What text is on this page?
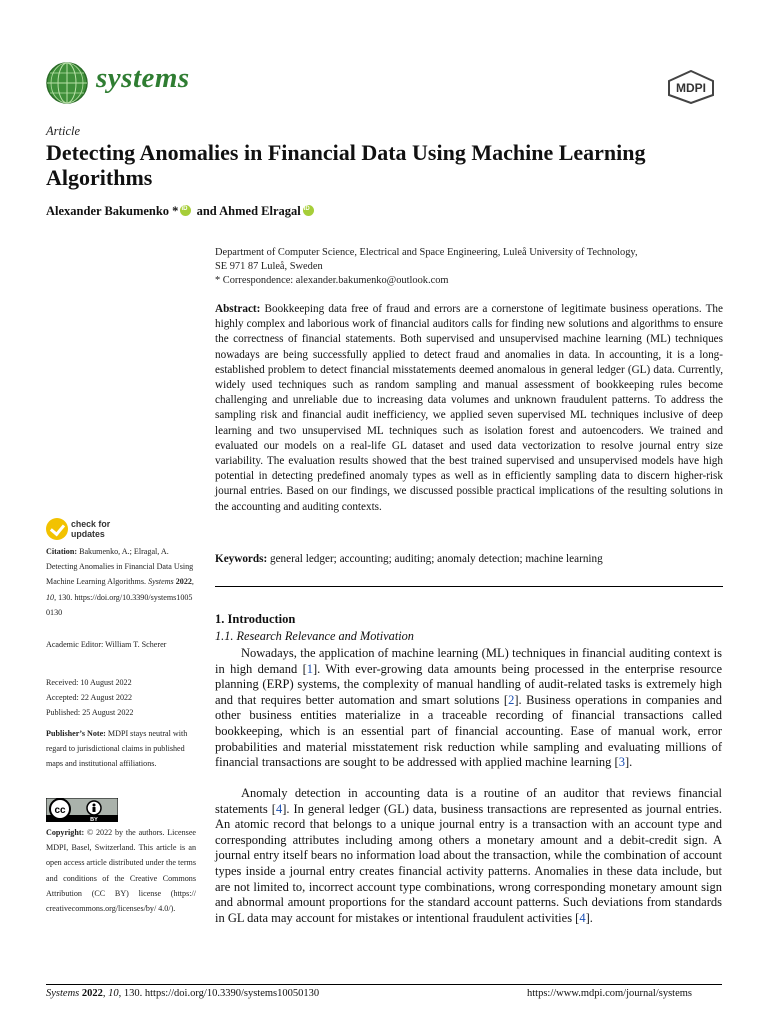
systems	MDPI
Article
Detecting Anomalies in Financial Data Using Machine Learning Algorithms
Alexander Bakumenko *iD and Ahmed ElragaliD
Department of Computer Science, Electrical and Space Engineering, Luleå University of Technology,
SE 971 87 Luleå, Sweden
* Correspondence: alexander.bakumenko@outlook.com
Abstract: Bookkeeping data free of fraud and errors are a cornerstone of legitimate business operations. The highly complex and laborious work of financial auditors calls for finding new solutions and algorithms to ensure the correctness of financial statements. Both supervised and unsupervised machine learning (ML) techniques nowadays are being successfully applied to detect fraud and anomalies in data. In accounting, it is a long-established problem to detect financial misstatements deemed anomalous in general ledger (GL) data. Currently, widely used techniques such as random sampling and manual assessment of bookkeeping rules become challenging and unreliable due to increasing data volumes and unknown fraudulent patterns. To address the sampling risk and financial audit inefficiency, we applied seven supervised ML techniques inclusive of deep learning and two unsupervised ML techniques such as isolation forest and autoencoders. We trained and evaluated our models on a real-life GL dataset and used data vectorization to resolve journal entry size variability. The evaluation results showed that the best trained supervised and unsupervised models have high potential in detecting predefined anomaly types as well as in efficiently sampling data to discern higher-risk journal entries. Based on our findings, we discussed possible practical implications of the resulting solutions in the accounting and auditing contexts.
Keywords: general ledger; accounting; auditing; anomaly detection; machine learning
check for
updates
Citation: Bakumenko, A.; Elragal, A. Detecting Anomalies in Financial Data Using Machine Learning Algorithms. Systems 2022, 10, 130. https://doi.org/10.3390/systems10050130
Academic Editor: William T. Scherer
Received: 10 August 2022
Accepted: 22 August 2022
Published: 25 August 2022
Publisher’s Note: MDPI stays neutral with regard to jurisdictional claims in published maps and institutional affiliations.
cc
BY
Copyright: © 2022 by the authors. Licensee MDPI, Basel, Switzerland. This article is an open access article distributed under the terms and conditions of the Creative Commons Attribution (CC BY) license (https:// creativecommons.org/licenses/by/ 4.0/).
1. Introduction
1.1. Research Relevance and Motivation
Nowadays, the application of machine learning (ML) techniques in financial auditing context is in high demand [1]. With ever-growing data amounts being processed in the enterprise resource planning (ERP) systems, the complexity of manual handling of audit-related tasks is extremely high and that requires better automation and smart solutions [2]. Business operations in companies and other business entities materialize in a traceable recording of financial transactions called bookkeeping, which is an essential part of financial accounting. Ease of manual work, error probabilities and material misstatement risk reduction while sampling and evaluating millions of financial transactions are sought to be addressed with applied machine learning [3].
Anomaly detection in accounting data is a routine of an auditor that reviews financial statements [4]. In general ledger (GL) data, business transactions are represented as journal entries. An atomic record that belongs to a unique journal entry is a transaction with an account type and corresponding attributes including among others a monetary amount and a debit-credit sign. A journal entry itself bears no information load about the transaction, while the combination of account types inside a journal entry creates financial activity patterns. Anomalies in these data include, but are not limited to, incorrect account type combinations, wrong corresponding monetary amount sign and abnormal amount proportions for the standard account patterns. Such deviations from standards in GL data may account for mistakes or intentional fraudulent activities [4].
Systems 2022, 10, 130. https://doi.org/10.3390/systems10050130	https://www.mdpi.com/journal/systems
